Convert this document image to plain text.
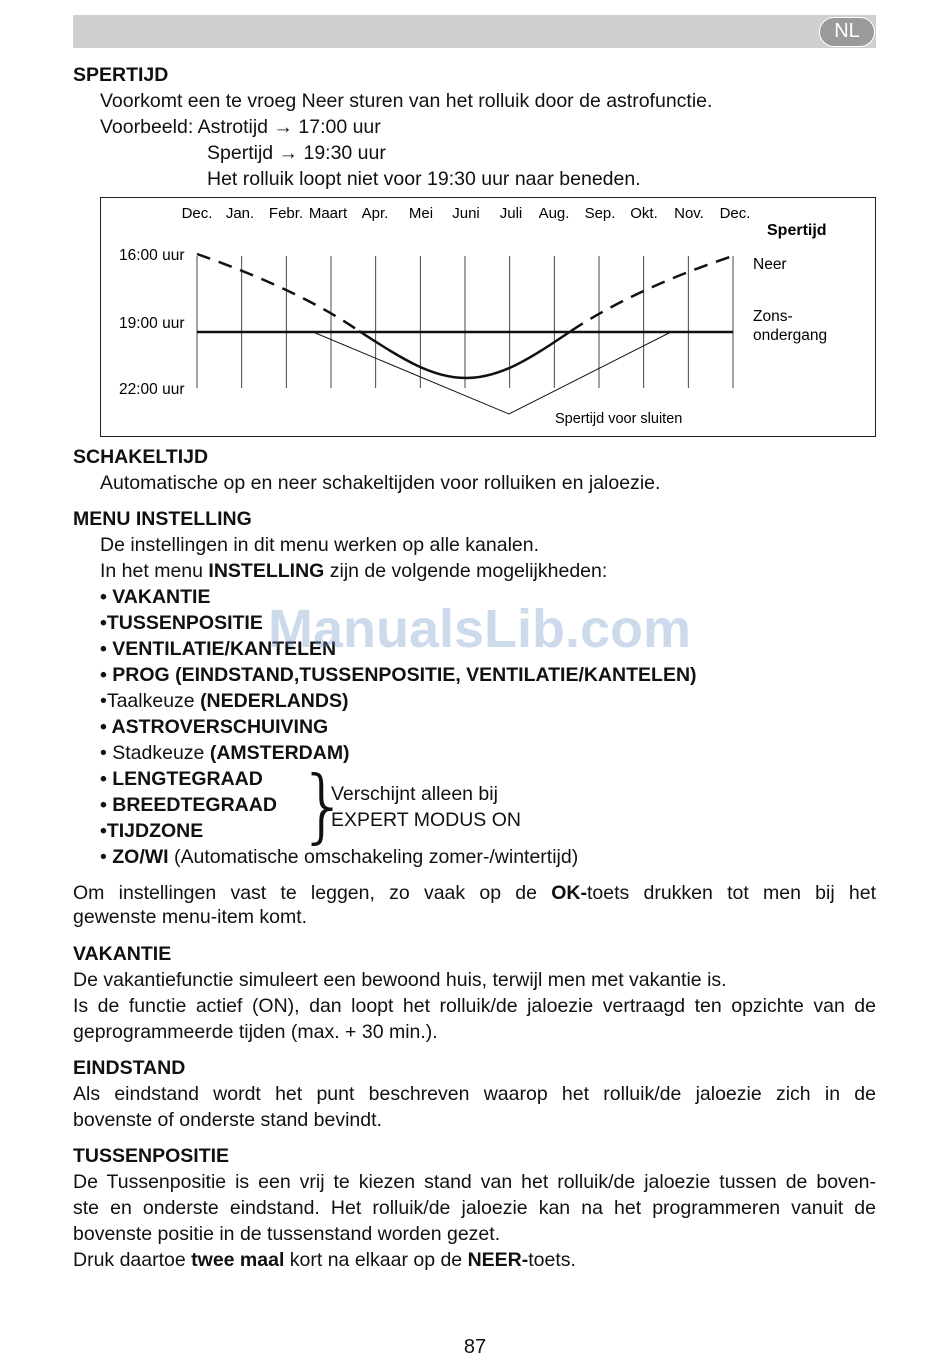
NL
SPERTIJD
Voorkomt een te vroeg Neer sturen van het rolluik door de astrofunctie.
Voorbeeld: Astrotijd → 17:00 uur
Spertijd → 19:30 uur
Het rolluik loopt niet voor 19:30 uur naar beneden.
Dec. Jan. Febr. Maart Apr. Mei Juni Juli Aug. Sep. Okt. Nov. Dec.
16:00 uur
19:00 uur
22:00 uur
Spertijd
Neer
Zons-
ondergang
Spertijd voor sluiten
SCHAKELTIJD
Automatische op en neer schakeltijden voor rolluiken en jaloezie.
MENU INSTELLING
De instellingen in dit menu werken op alle kanalen.
In het menu INSTELLING zijn de volgende mogelijkheden:
• VAKANTIE
•TUSSENPOSITIE
• VENTILATIE/KANTELEN
• PROG (EINDSTAND,TUSSENPOSITIE, VENTILATIE/KANTELEN)
•Taalkeuze (NEDERLANDS)
• ASTROVERSCHUIVING
• Stadkeuze (AMSTERDAM)
• LENGTEGRAAD
• BREEDTEGRAAD
•TIJDZONE }
Verschijnt alleen bij
EXPERT MODUS ON
• ZO/WI (Automatische omschakeling zomer-/wintertijd)
Om instellingen vast te leggen, zo vaak op de OK-toets drukken tot men bij het
gewenste menu-item komt.
VAKANTIE
De vakantiefunctie simuleert een bewoond huis, terwijl men met vakantie is.
Is de functie actief (ON), dan loopt het rolluik/de jaloezie vertraagd ten opzichte van de
geprogrammeerde tijden (max. + 30 min.).
EINDSTAND
Als eindstand wordt het punt beschreven waarop het rolluik/de jaloezie zich in de
bovenste of onderste stand bevindt.
TUSSENPOSITIE
De Tussenpositie is een vrij te kiezen stand van het rolluik/de jaloezie tussen de boven-
ste en onderste eindstand. Het rolluik/de jaloezie kan na het programmeren vanuit de
bovenste positie in de tussenstand worden gezet.
Druk daartoe twee maal kort na elkaar op de NEER-toets.
ManualsLib.com
87
